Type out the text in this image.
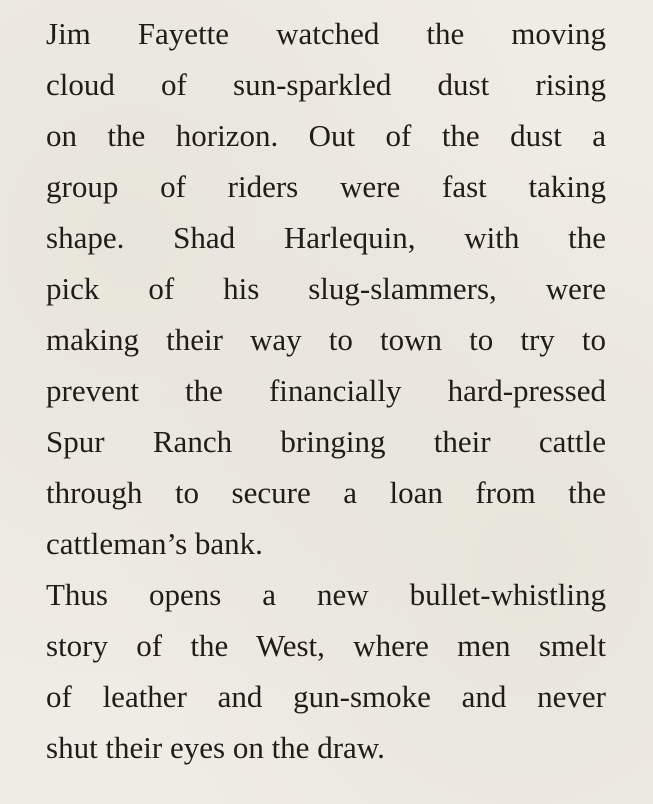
Jim Fayette watched the moving
cloud of sun-sparkled dust rising
on the horizon. Out of the dust a
group of riders were fast taking
shape. Shad Harlequin, with the
pick of his slug-slammers, were
making their way to town to try to
prevent the financially hard-pressed
Spur Ranch bringing their cattle
through to secure a loan from the
cattleman’s bank.
Thus opens a new bullet-whistling
story of the West, where men smelt
of leather and gun-smoke and never
shut their eyes on the draw.
